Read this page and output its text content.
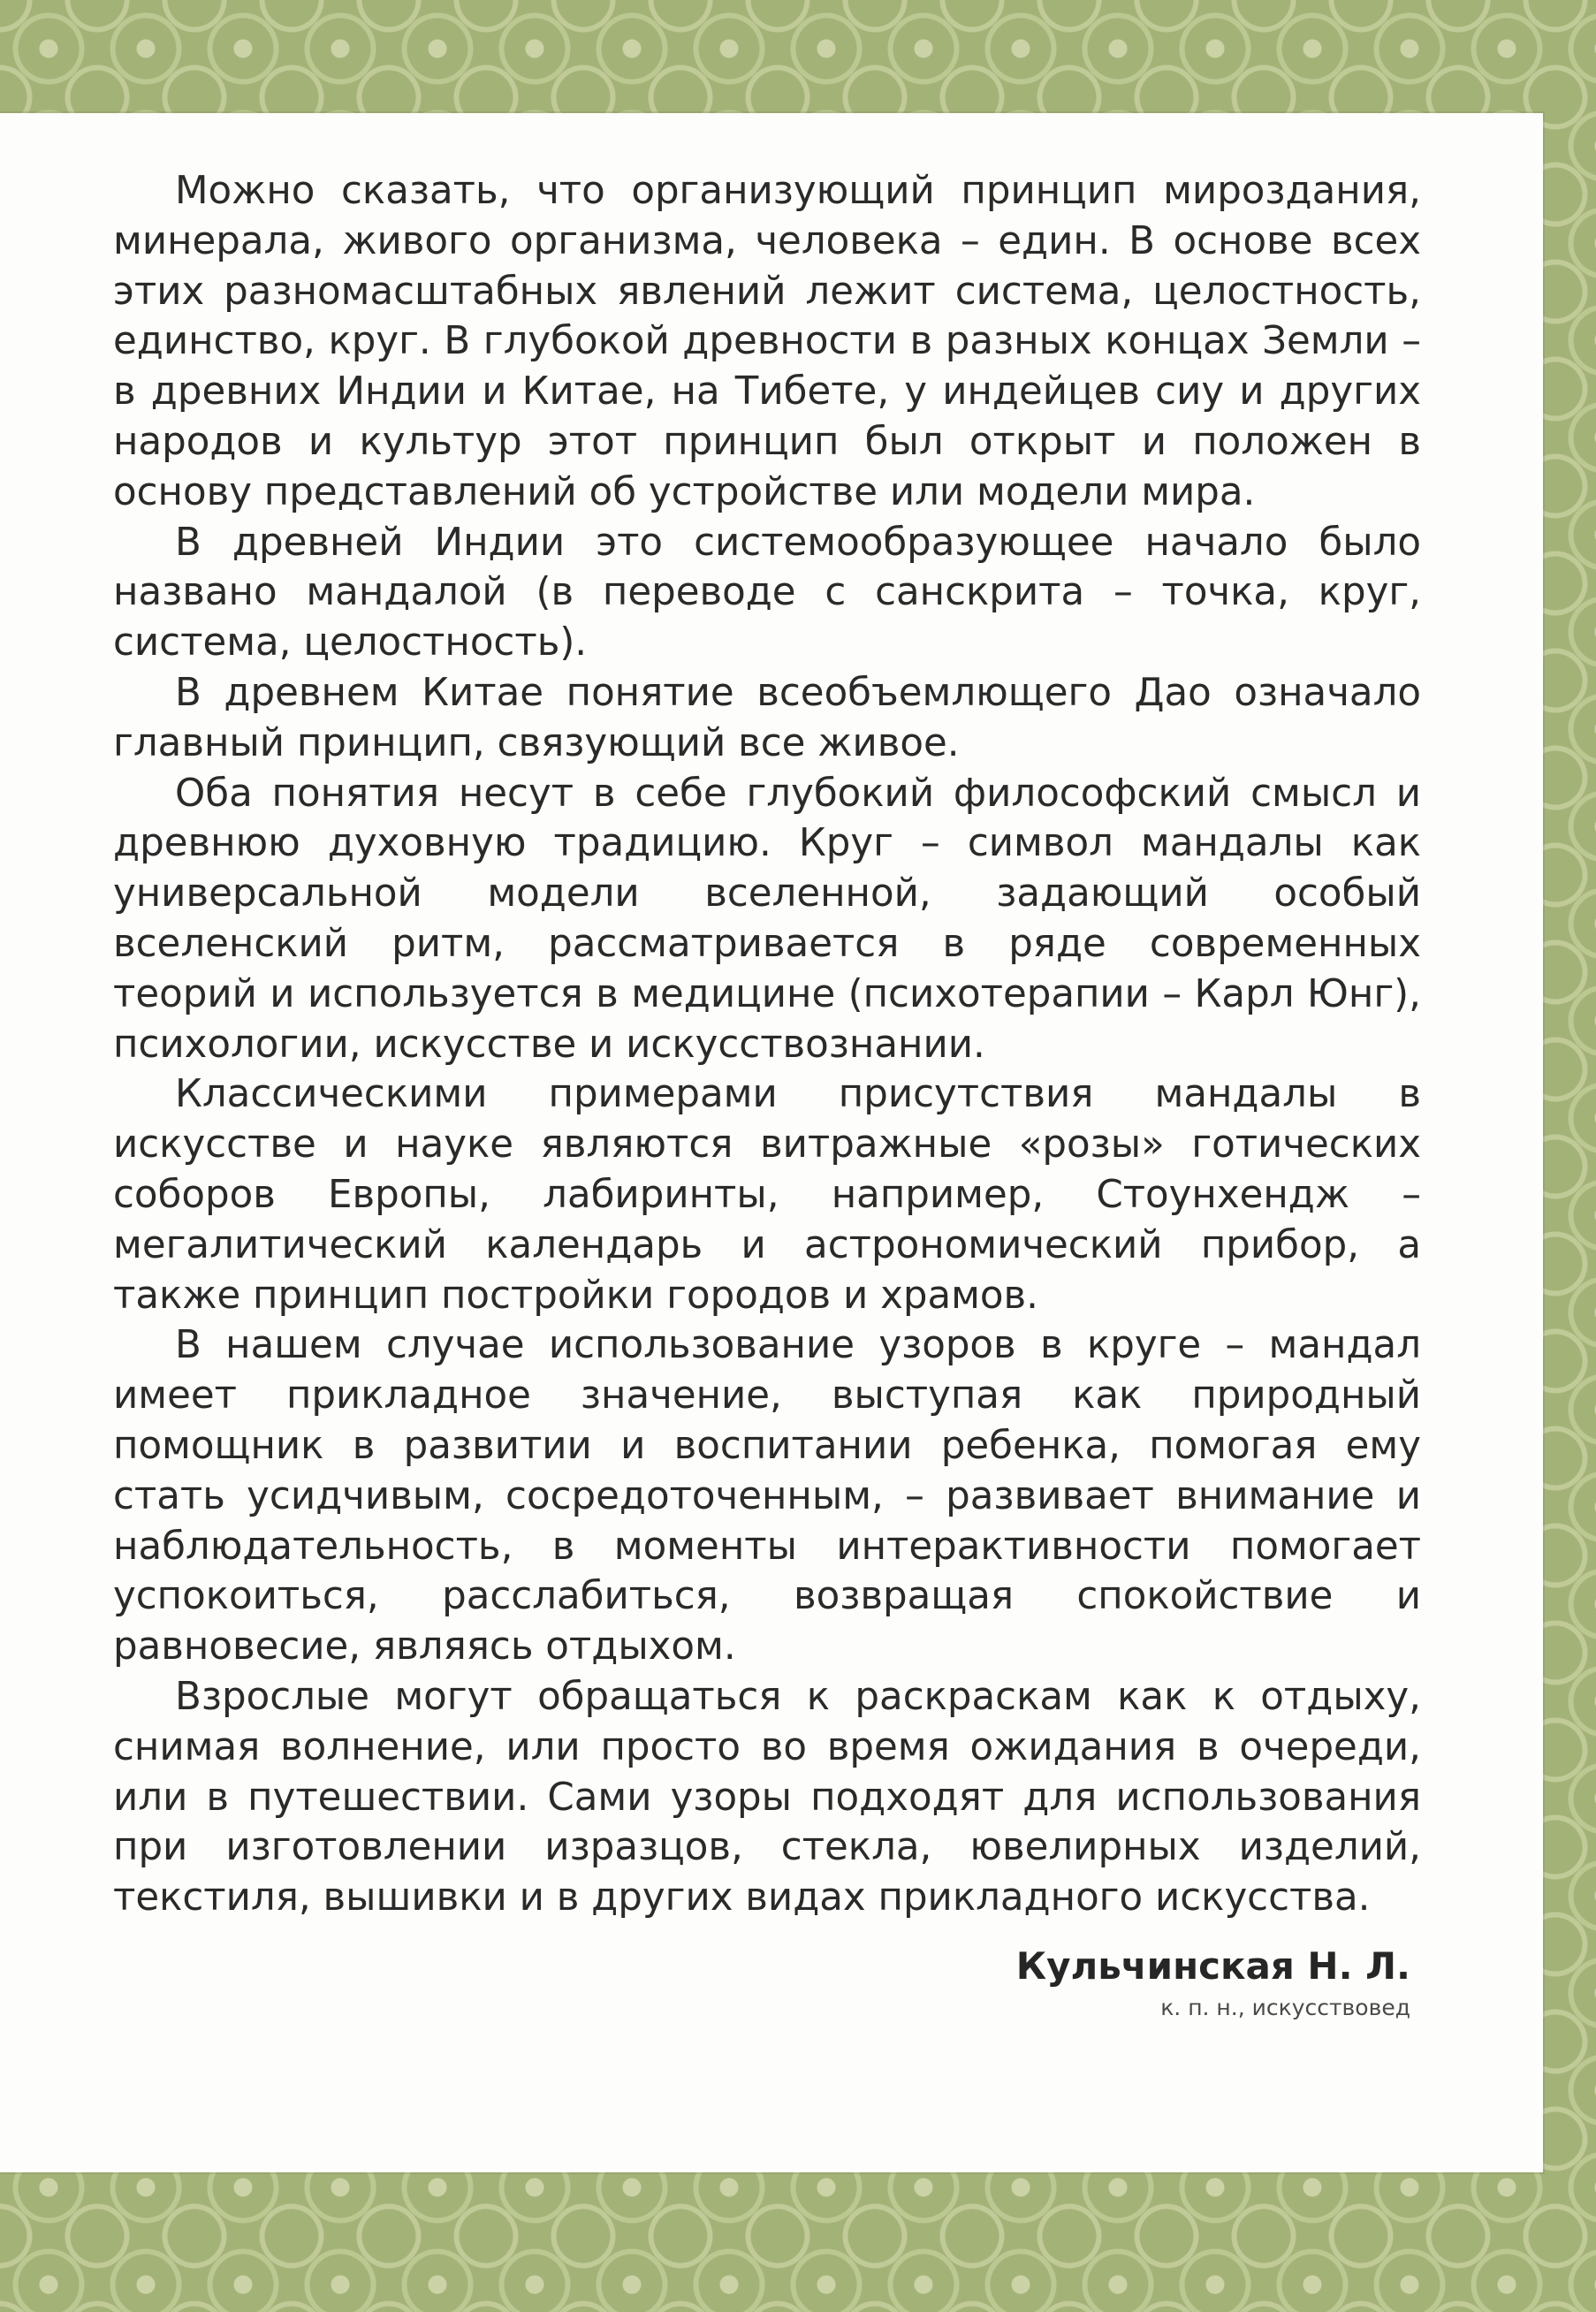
Можно сказать, что организующий принцип мироздания, минерала, живого организма, человека – един. В основе всех этих разномасштабных явлений лежит система, целостность, единство, круг. В глубокой древности в разных концах Земли – в древних Индии и Китае, на Тибете, у индейцев сиу и других народов и культур этот принцип был открыт и положен в основу представлений об устройстве или модели мира.

В древней Индии это системообразующее начало было названо мандалой (в переводе с санскрита – точка, круг, система, целостность).

В древнем Китае понятие всеобъемлющего Дао означало главный принцип, связующий все живое.

Оба понятия несут в себе глубокий философский смысл и древнюю духовную традицию. Круг – символ мандалы как универсальной модели вселенной, задающий особый вселенский ритм, рассматривается в ряде современных теорий и используется в медицине (психотерапии – Карл Юнг), психологии, искусстве и искусствознании.

Классическими примерами присутствия мандалы в искусстве и науке являются витражные «розы» готических соборов Европы, лабиринты, например, Стоунхендж – мегалитический календарь и астрономический прибор, а также принцип постройки городов и храмов.

В нашем случае использование узоров в круге – мандал имеет прикладное значение, выступая как природный помощник в развитии и воспитании ребенка, помогая ему стать усидчивым, сосредоточенным, – развивает внимание и наблюдательность, в моменты интерактивности помогает успокоиться, расслабиться, возвращая спокойствие и равновесие, являясь отдыхом.

Взрослые могут обращаться к раскраскам как к отдыху, снимая волнение, или просто во время ожидания в очереди, или в путешествии. Сами узоры подходят для использования при изготовлении изразцов, стекла, ювелирных изделий, текстиля, вышивки и в других видах прикладного искусства.

Кульчинская Н. Л.
к. п. н., искусствовед
